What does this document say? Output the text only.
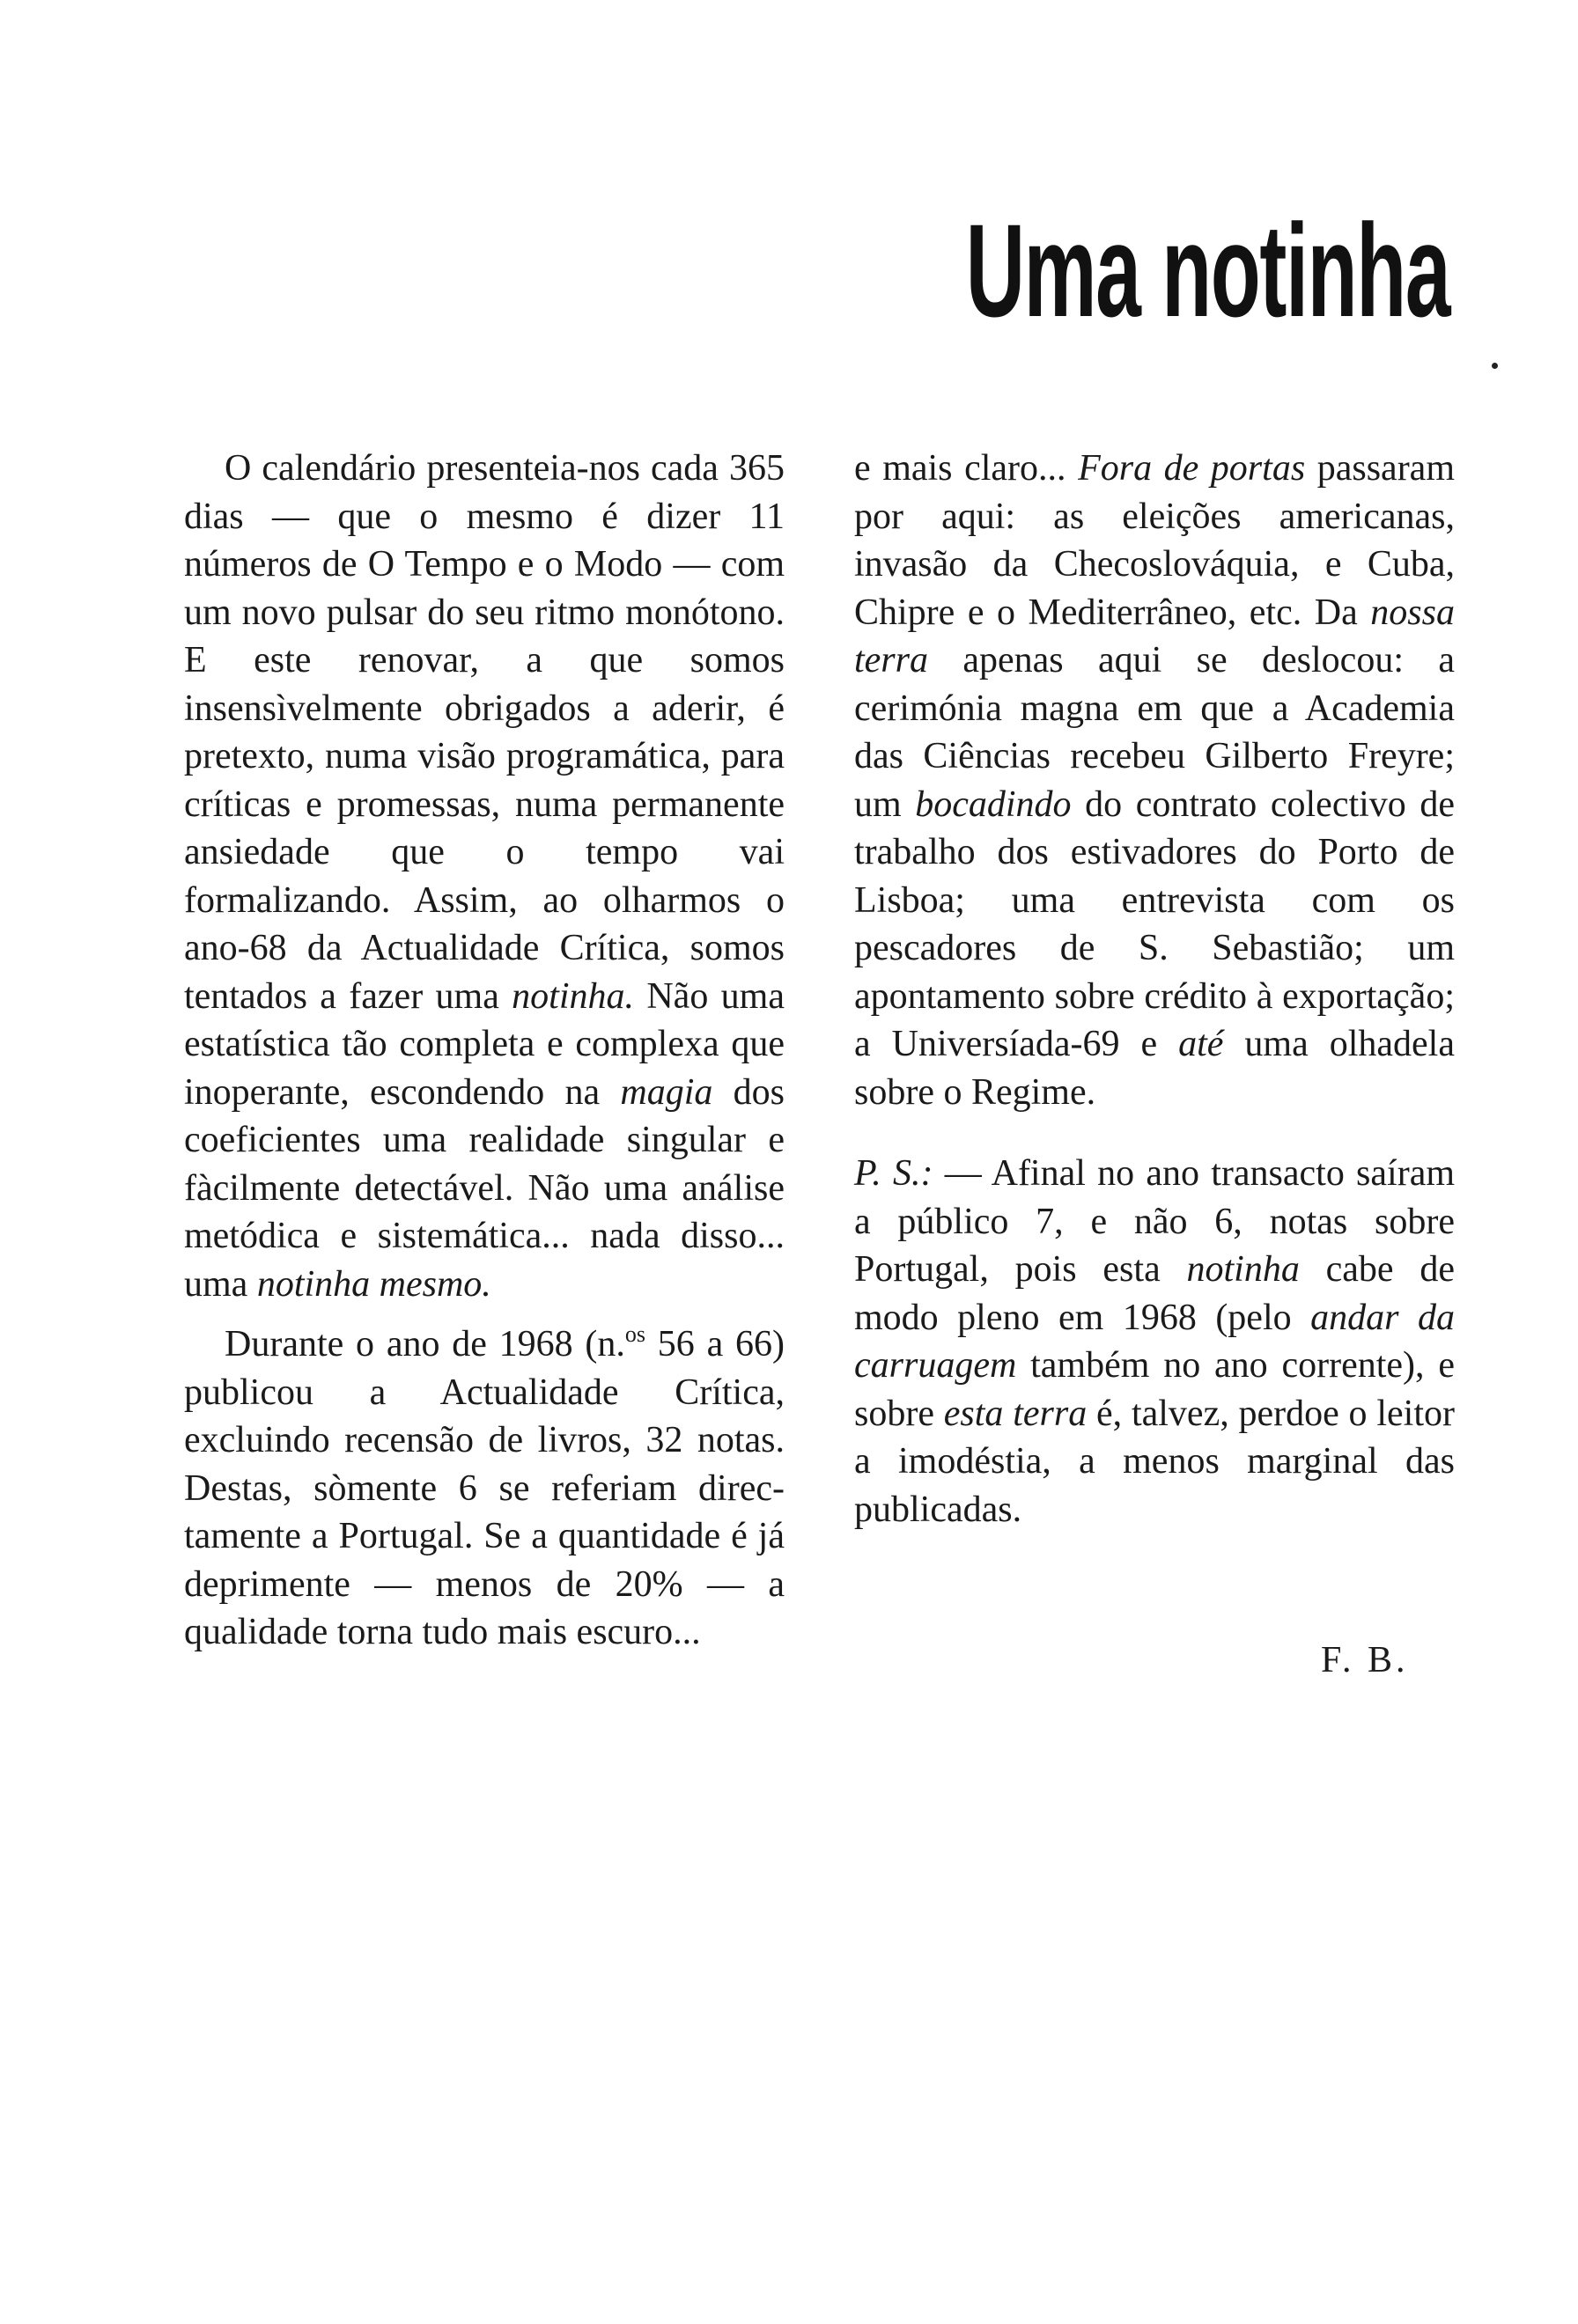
Uma notinha

O calendário presenteia-nos cada 365 dias — que o mesmo é dizer 11 números de O Tempo e o Modo — com um novo pulsar do seu ritmo monótono. E este renovar, a que somos insensìvelmente obrigados a aderir, é pretexto, numa visão programática, para críticas e promessas, numa permanente ansiedade que o tempo vai formalizando. Assim, ao olharmos o ano-68 da Actualidade Crítica, somos tentados a fazer uma notinha. Não uma estatística tão completa e complexa que inoperante, escondendo na magia dos coeficientes uma realidade singular e fàcilmente detectável. Não uma análise metódica e sistemática... nada disso... uma notinha mesmo.

Durante o ano de 1968 (n.$^{os}$ 56 a 66) publicou a Actualidade Crítica, excluindo recensão de livros, 32 notas. Destas, sòmente 6 se referiam directamente a Portugal. Se a quantidade é já deprimente — menos de 20% — a qualidade torna tudo mais escuro...

e mais claro... Fora de portas passaram por aqui: as eleições americanas, invasão da Checoslováquia, e Cuba, Chipre e o Mediterrâneo, etc. Da nossa terra apenas aqui se deslocou: a cerimónia magna em que a Academia das Ciências recebeu Gilberto Freyre; um bocadindo do contrato colectivo de trabalho dos estivadores do Porto de Lisboa; uma entrevista com os pescadores de S. Sebastião; um apontamento sobre crédito à exportação; a Universíada-69 e até uma olhadela sobre o Regime.

P. S.: — Afinal no ano transacto saíram a público 7, e não 6, notas sobre Portugal, pois esta notinha cabe de modo pleno em 1968 (pelo andar da carruagem também no ano corrente), e sobre esta terra é, talvez, perdoe o leitor a imodéstia, a menos marginal das publicadas.

F. B.
